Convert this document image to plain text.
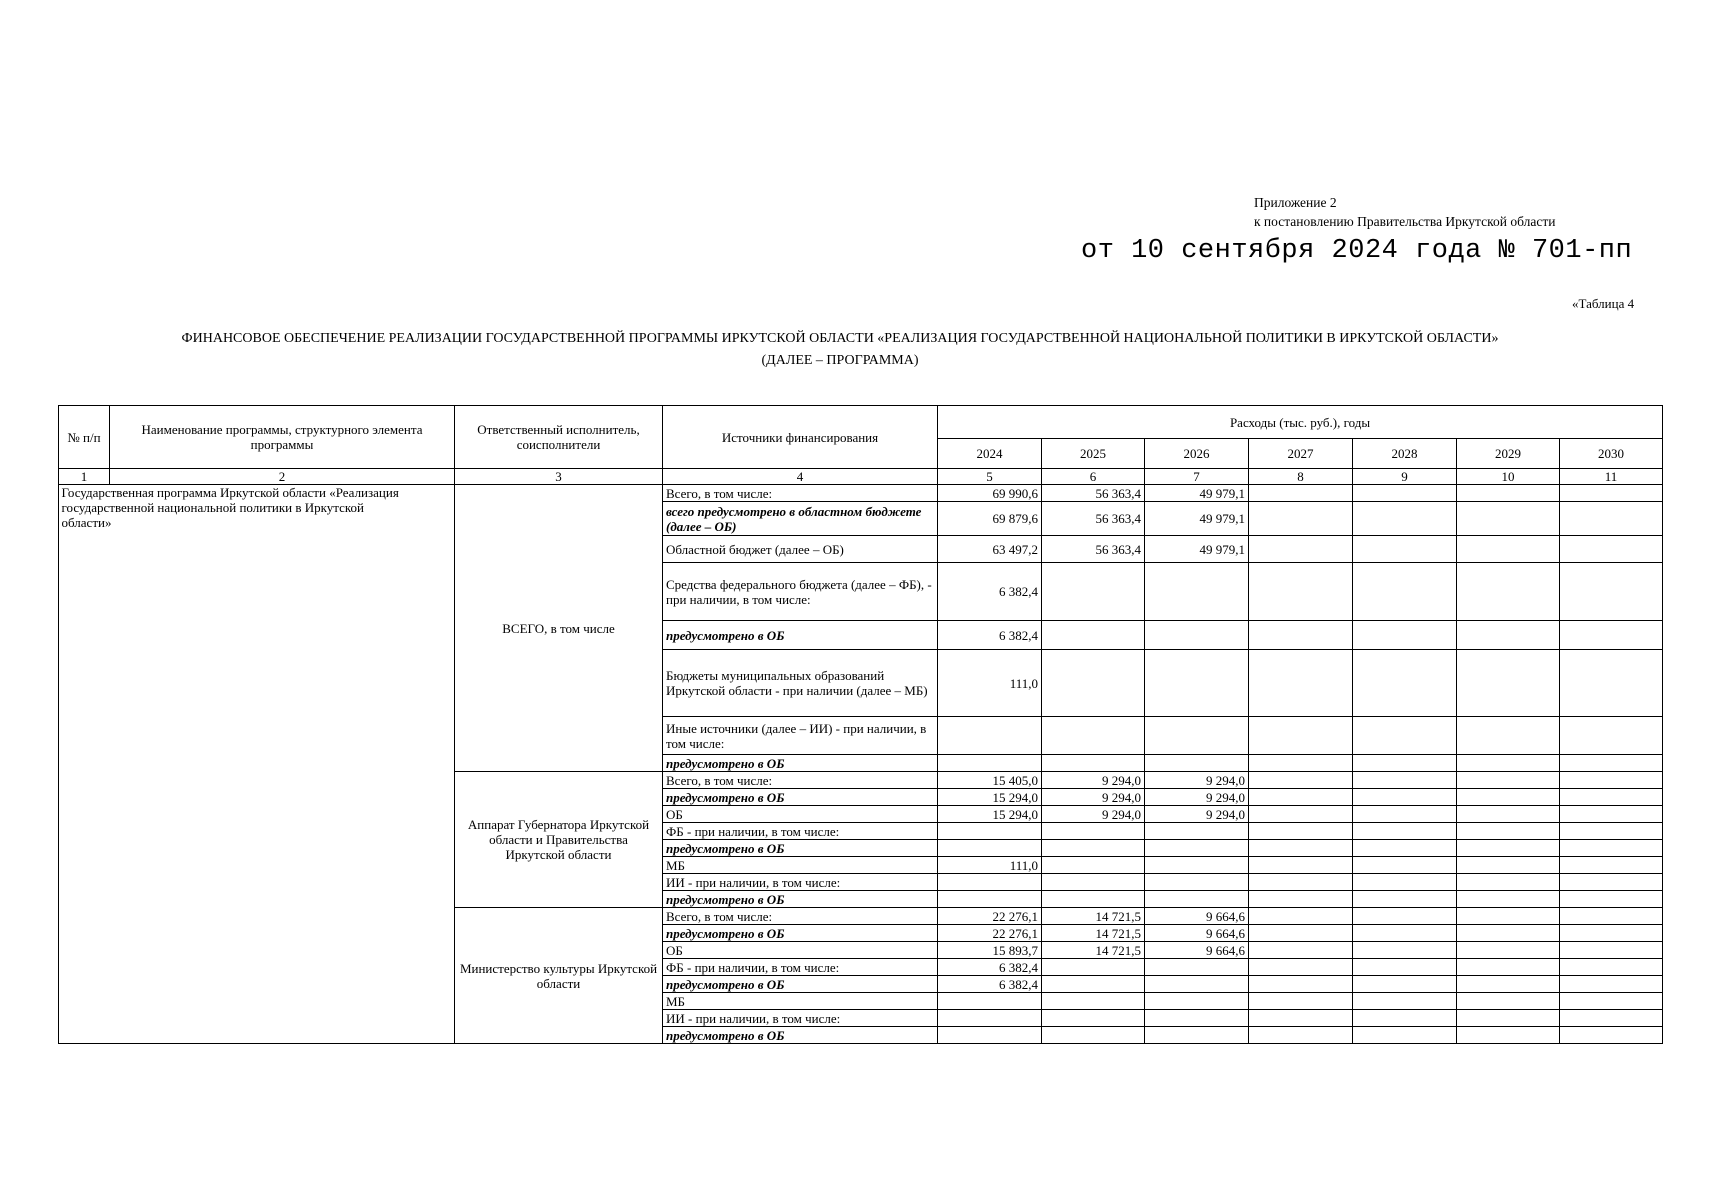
Приложение 2
к постановлению Правительства Иркутской области
от 10 сентября 2024 года № 701-пп
«Таблица 4
ФИНАНСОВОЕ ОБЕСПЕЧЕНИЕ РЕАЛИЗАЦИИ ГОСУДАРСТВЕННОЙ ПРОГРАММЫ ИРКУТСКОЙ ОБЛАСТИ «РЕАЛИЗАЦИЯ ГОСУДАРСТВЕННОЙ НАЦИОНАЛЬНОЙ ПОЛИТИКИ В ИРКУТСКОЙ ОБЛАСТИ»
(ДАЛЕЕ – ПРОГРАММА)
№ п/п	Наименование программы, структурного элемента программы	Ответственный исполнитель, соисполнители	Источники финансирования	Расходы (тыс. руб.), годы
2024	2025	2026	2027	2028	2029	2030
1	2	3	4	5	6	7	8	9	10	11
	Государственная программа Иркутской области «Реализация государственной национальной политики в Иркутской области»	ВСЕГО, в том числе	Всего, в том числе:	69 990,6	56 363,4	49 979,1				
всего предусмотрено в областном бюджете (далее – ОБ)	69 879,6	56 363,4	49 979,1				
Областной бюджет (далее – ОБ)	63 497,2	56 363,4	49 979,1				
Средства федерального бюджета (далее – ФБ), - при наличии, в том числе:	6 382,4						
предусмотрено в ОБ	6 382,4						
Бюджеты муниципальных образований Иркутской области - при наличии (далее – МБ)	111,0						
Иные источники (далее – ИИ) - при наличии, в том числе:							
предусмотрено в ОБ							
Аппарат Губернатора Иркутской области и Правительства Иркутской области	Всего, в том числе:	15 405,0	9 294,0	9 294,0				
предусмотрено в ОБ	15 294,0	9 294,0	9 294,0				
ОБ	15 294,0	9 294,0	9 294,0				
ФБ - при наличии, в том числе:							
предусмотрено в ОБ							
МБ	111,0						
ИИ - при наличии, в том числе:							
предусмотрено в ОБ							
Министерство культуры Иркутской области	Всего, в том числе:	22 276,1	14 721,5	9 664,6				
предусмотрено в ОБ	22 276,1	14 721,5	9 664,6				
ОБ	15 893,7	14 721,5	9 664,6				
ФБ - при наличии, в том числе:	6 382,4						
предусмотрено в ОБ	6 382,4						
МБ							
ИИ - при наличии, в том числе:							
предусмотрено в ОБ							
